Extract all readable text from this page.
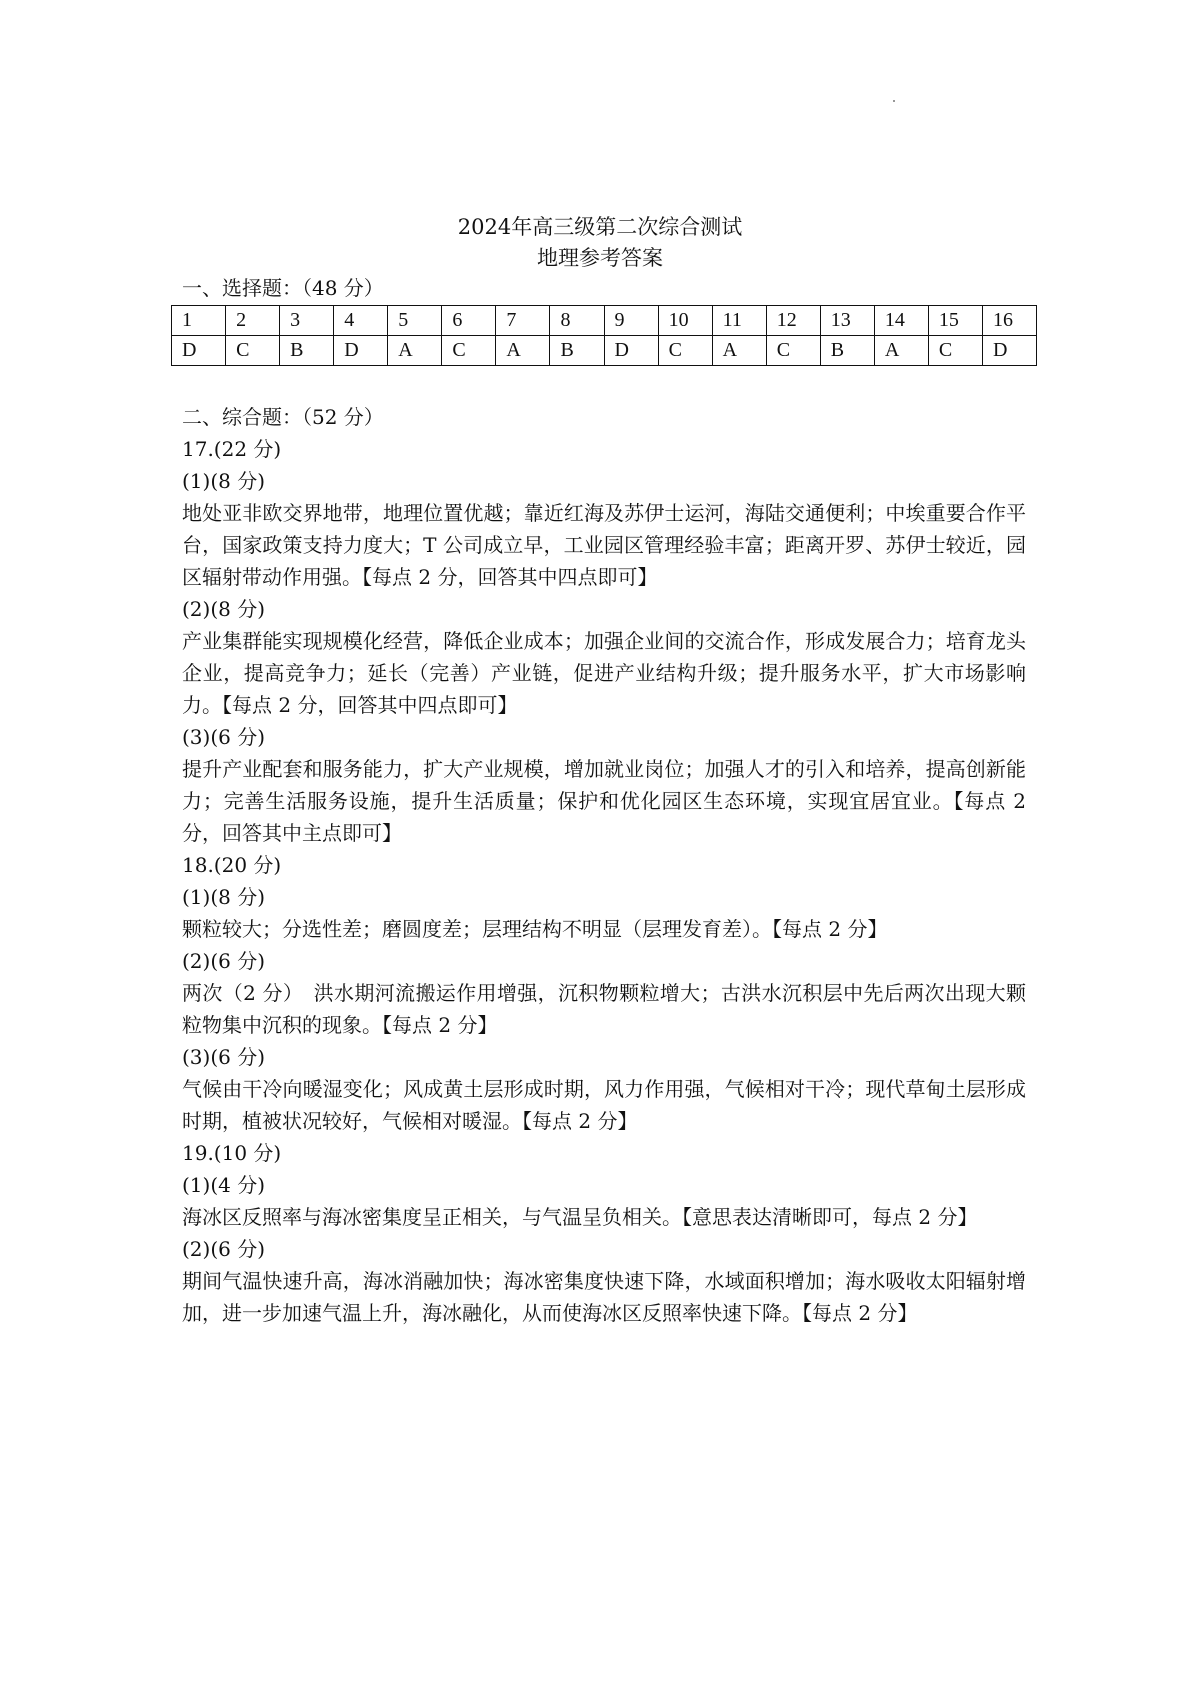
2024年高三级第二次综合测试
地理参考答案
一、选择题：（48 分）
1	2	3	4	5	6	7	8	9	10	11	12	13	14	15	16
D	C	B	D	A	C	A	B	D	C	A	C	B	A	C	D

二、综合题：（52 分）

17.(22 分)

(1)(8 分)

地处亚非欧交界地带，地理位置优越；靠近红海及苏伊士运河，海陆交通便利；中埃重要合作平台，国家政策支持力度大；T 公司成立早，工业园区管理经验丰富；距离开罗、苏伊士较近，园区辐射带动作用强。【每点 2 分，回答其中四点即可】

(2)(8 分)

产业集群能实现规模化经营，降低企业成本；加强企业间的交流合作，形成发展合力；培育龙头企业，提高竞争力；延长（完善）产业链，促进产业结构升级；提升服务水平，扩大市场影响力。【每点 2 分，回答其中四点即可】

(3)(6 分)

提升产业配套和服务能力，扩大产业规模，增加就业岗位；加强人才的引入和培养，提高创新能力；完善生活服务设施，提升生活质量；保护和优化园区生态环境，实现宜居宜业。【每点 2 分，回答其中主点即可】

18.(20 分)

(1)(8 分)

颗粒较大；分选性差；磨圆度差；层理结构不明显（层理发育差）。【每点 2 分】

(2)(6 分)

两次（2 分）　洪水期河流搬运作用增强，沉积物颗粒增大；古洪水沉积层中先后两次出现大颗粒物集中沉积的现象。【每点 2 分】

(3)(6 分)

气候由干冷向暖湿变化；风成黄土层形成时期，风力作用强，气候相对干冷；现代草甸土层形成时期，植被状况较好，气候相对暖湿。【每点 2 分】

19.(10 分)

(1)(4 分)

海冰区反照率与海冰密集度呈正相关，与气温呈负相关。【意思表达清晰即可，每点 2 分】

(2)(6 分)

期间气温快速升高，海冰消融加快；海冰密集度快速下降，水域面积增加；海水吸收太阳辐射增加，进一步加速气温上升，海冰融化，从而使海冰区反照率快速下降。【每点 2 分】
